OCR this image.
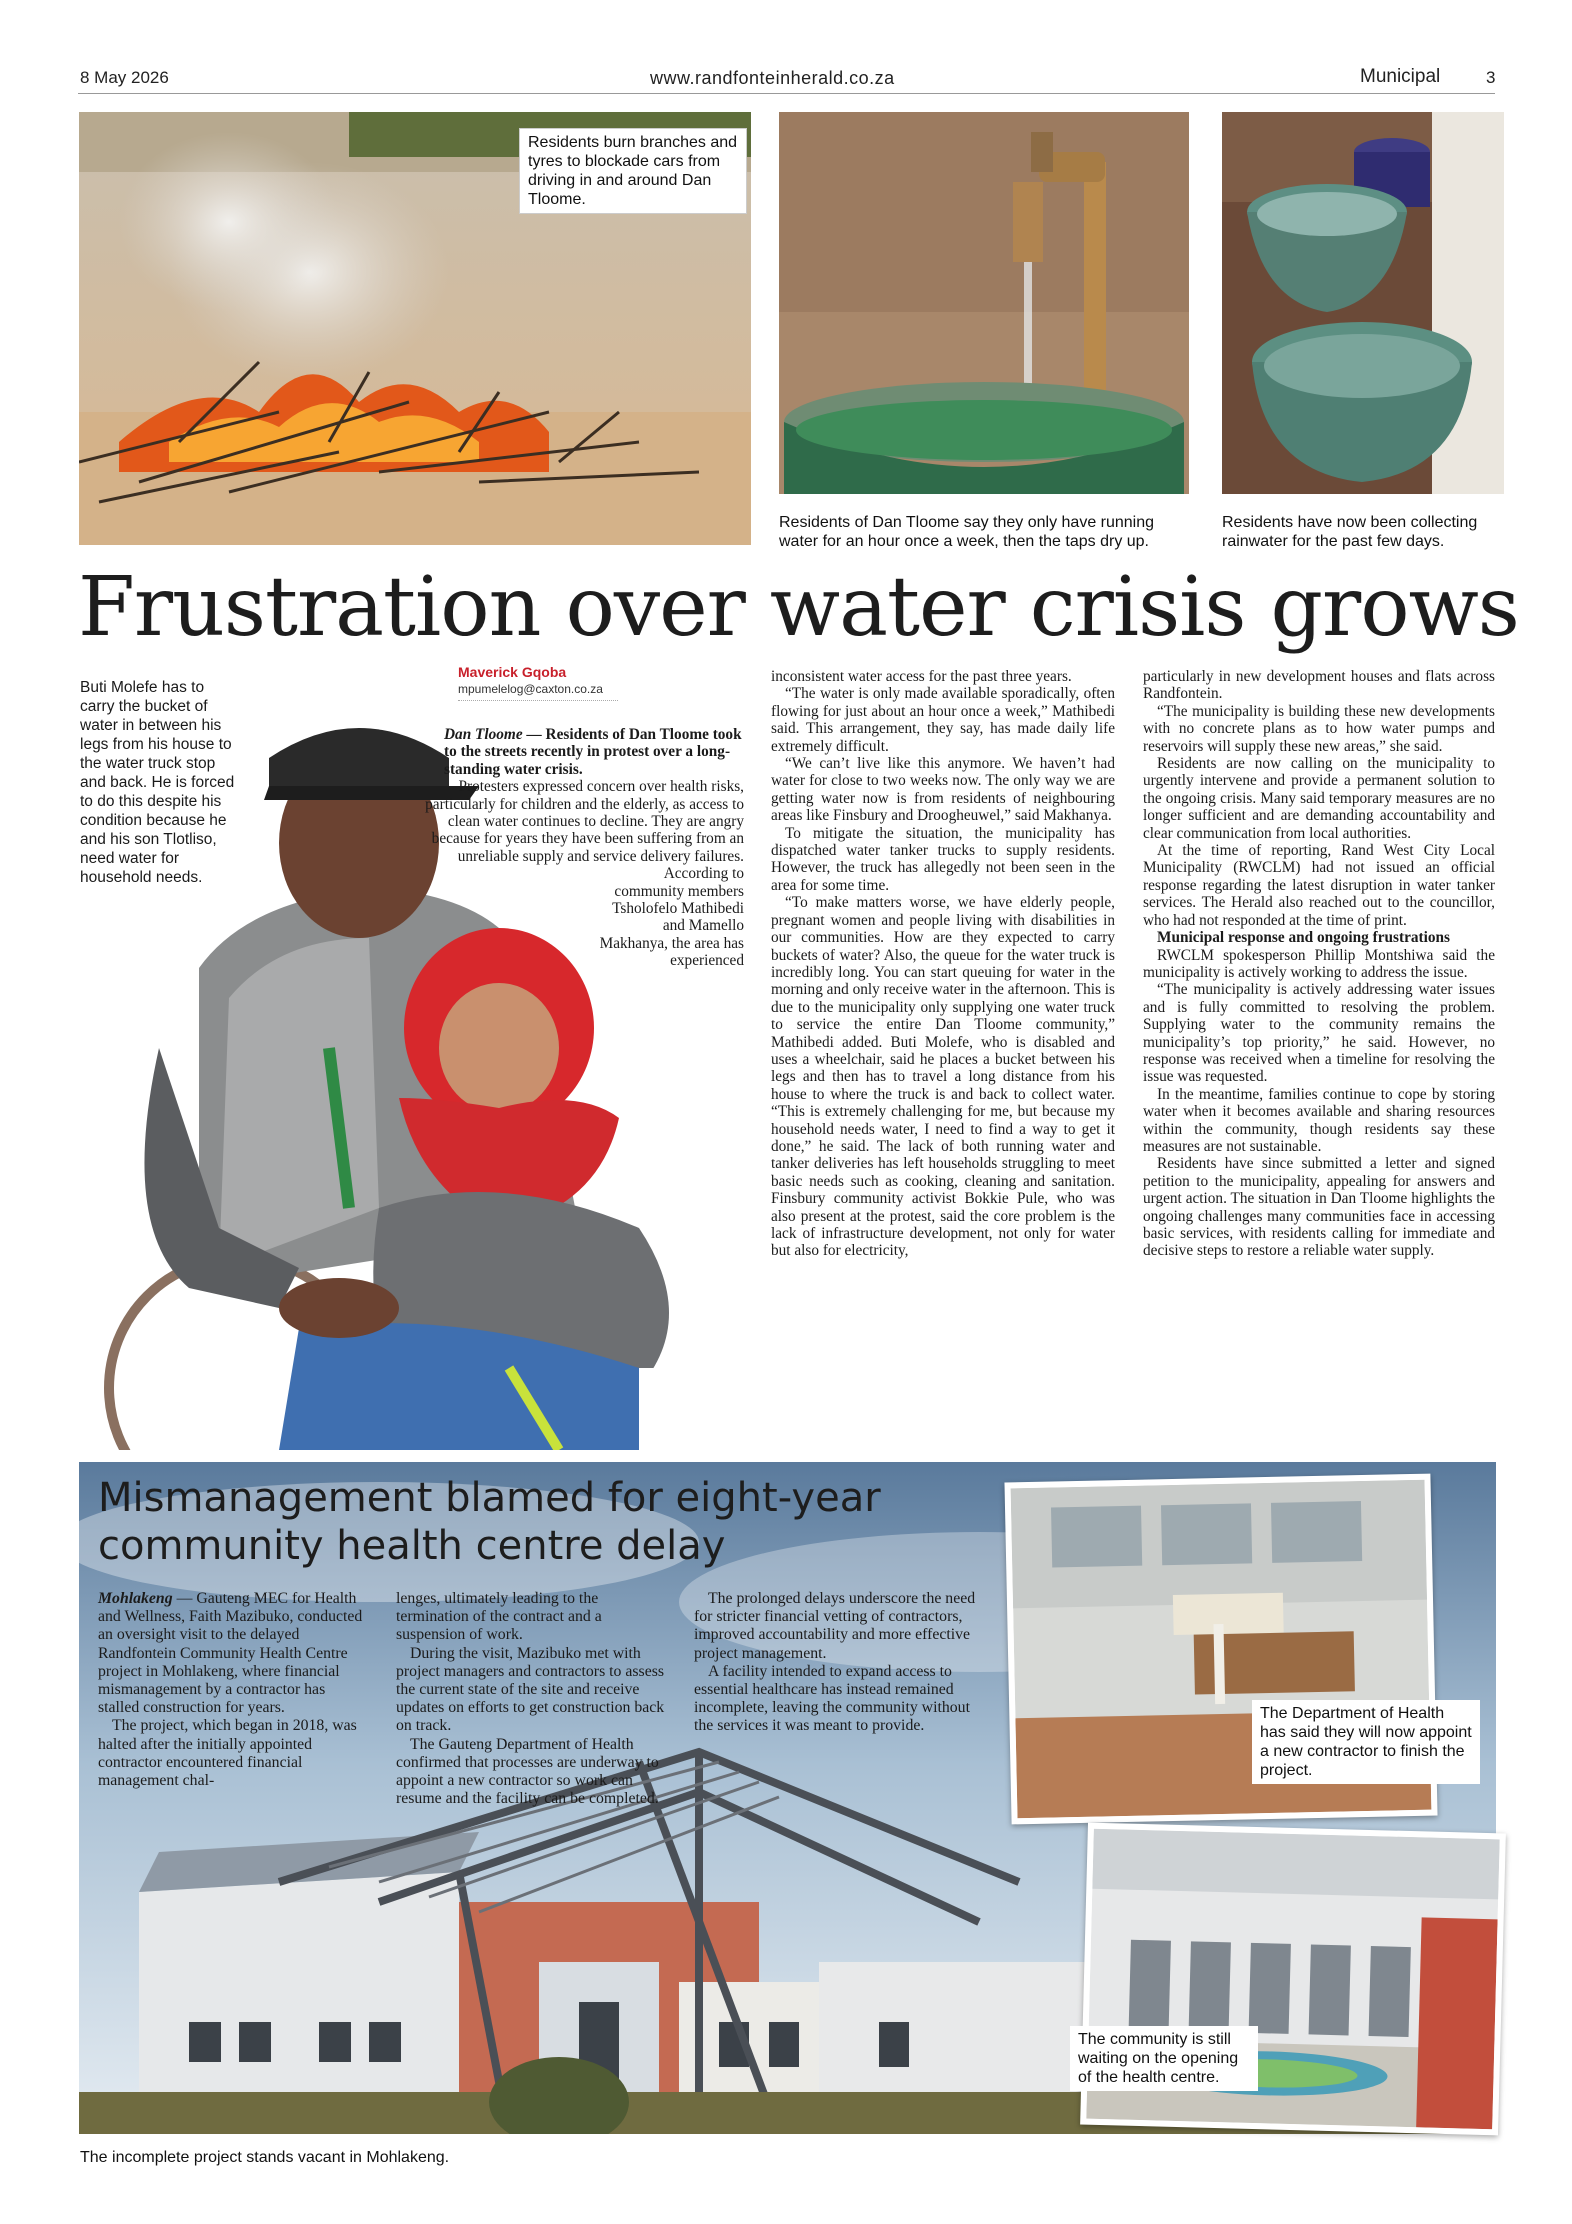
8 May 2026	www.randfonteinherald.co.za	Municipal	3
Residents burn branches and tyres to blockade cars from driving in and around Dan Tloome.
Residents of Dan Tloome say they only have running water for an hour once a week, then the taps dry up.
Residents have now been collecting rainwater for the past few days.
Frustration over water crisis grows
Buti Molefe has to carry the bucket of water in between his legs from his house to the water truck stop and back. He is forced to do this despite his condition because he and his son Tlotliso, need water for household needs.
Maverick Gqoba
mpumelelog@caxton.co.za

Dan Tloome — Residents of Dan Tloome took to the streets recently in protest over a long-standing water crisis.

Protesters expressed concern over health risks, particularly for children and the elderly, as access to clean water continues to decline. They are angry because for years they have been suffering from an unreliable supply and service delivery failures.

According to community members Tsholofelo Mathibedi and Mamello Makhanya, the area has experienced

inconsistent water access for the past three years.

“The water is only made available sporadically, often flowing for just about an hour once a week,” Mathibedi said. This arrangement, they say, has made daily life extremely difficult.

“We can’t live like this anymore. We haven’t had water for close to two weeks now. The only way we are getting water now is from residents of neighbouring areas like Finsbury and Droogheuwel,” said Makhanya.

To mitigate the situation, the municipality has dispatched water tanker trucks to supply residents. However, the truck has allegedly not been seen in the area for some time.

“To make matters worse, we have elderly people, pregnant women and people living with disabilities in our communities. How are they expected to carry buckets of water? Also, the queue for the water truck is incredibly long. You can start queuing for water in the morning and only receive water in the afternoon. This is due to the municipality only supplying one water truck to service the entire Dan Tloome community,” Mathibedi added. Buti Molefe, who is disabled and uses a wheelchair, said he places a bucket between his legs and then has to travel a long distance from his house to where the truck is and back to collect water. “This is extremely challenging for me, but because my household needs water, I need to find a way to get it done,” he said. The lack of both running water and tanker deliveries has left households struggling to meet basic needs such as cooking, cleaning and sanitation. Finsbury community activist Bokkie Pule, who was also present at the protest, said the core problem is the lack of infrastructure development, not only for water but also for electricity,

particularly in new development houses and flats across Randfontein.

“The municipality is building these new developments with no concrete plans as to how water pumps and reservoirs will supply these new areas,” she said.

Residents are now calling on the municipality to urgently intervene and provide a permanent solution to the ongoing crisis. Many said temporary measures are no longer sufficient and are demanding accountability and clear communication from local authorities.

At the time of reporting, Rand West City Local Municipality (RWCLM) had not issued an official response regarding the latest disruption in water tanker services. The Herald also reached out to the councillor, who had not responded at the time of print.

Municipal response and ongoing frustrations

RWCLM spokesperson Phillip Montshiwa said the municipality is actively working to address the issue.

“The municipality is actively addressing water issues and is fully committed to resolving the problem. Supplying water to the community remains the municipality’s top priority,” he said. However, no response was received when a timeline for resolving the issue was requested.

In the meantime, families continue to cope by storing water when it becomes available and sharing resources within the community, though residents say these measures are not sustainable.

Residents have since submitted a letter and signed petition to the municipality, appealing for answers and urgent action. The situation in Dan Tloome highlights the ongoing challenges many communities face in accessing basic services, with residents calling for immediate and decisive steps to restore a reliable water supply.

Mismanagement blamed for eight-year community health centre delay

Mohlakeng — Gauteng MEC for Health and Wellness, Faith Mazibuko, conducted an oversight visit to the delayed Randfontein Community Health Centre project in Mohlakeng, where financial mismanagement by a contractor has stalled construction for years.

The project, which began in 2018, was halted after the initially appointed contractor encountered financial management chal-

lenges, ultimately leading to the termination of the contract and a suspension of work.

During the visit, Mazibuko met with project managers and contractors to assess the current state of the site and receive updates on efforts to get construction back on track.

The Gauteng Department of Health confirmed that processes are underway to appoint a new contractor so work can resume and the facility can be completed.

The prolonged delays underscore the need for stricter financial vetting of contractors, improved accountability and more effective project management.

A facility intended to expand access to essential healthcare has instead remained incomplete, leaving the community without the services it was meant to provide.

The Department of Health has said they will now appoint a new contractor to finish the project.
The community is still waiting on the opening of the health centre.
The incomplete project stands vacant in Mohlakeng.
